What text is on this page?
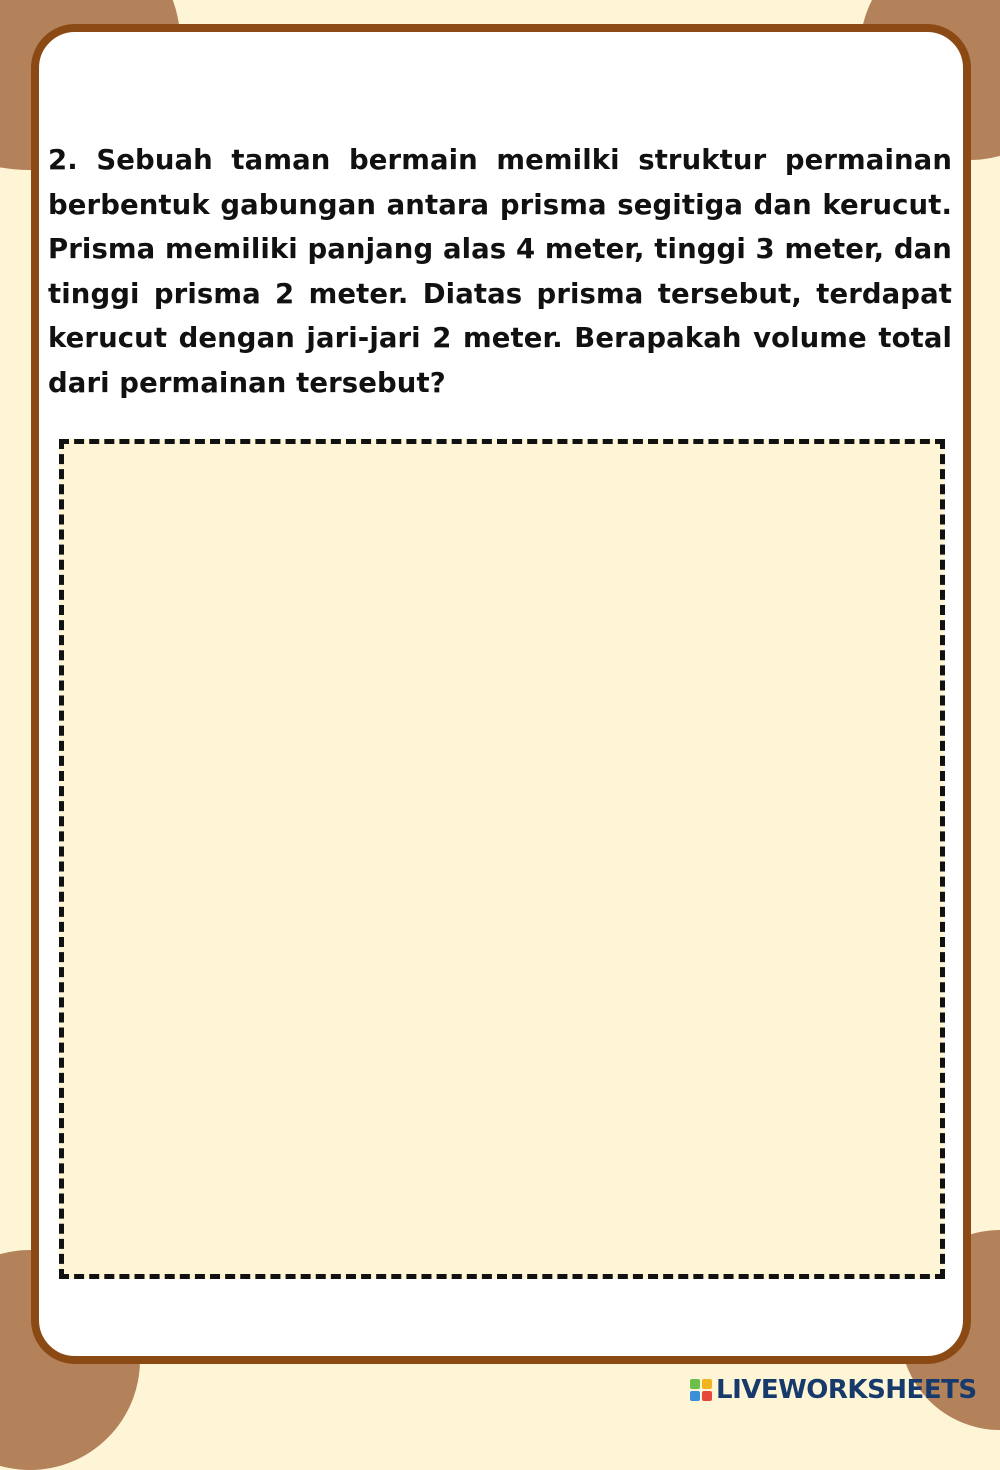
2. Sebuah taman bermain memilki struktur permainan berbentuk gabungan antara prisma segitiga dan kerucut. Prisma memiliki panjang alas 4 meter, tinggi 3 meter, dan tinggi prisma 2 meter. Diatas prisma tersebut, terdapat kerucut dengan jari-jari 2 meter. Berapakah volume total dari permainan tersebut?

LIVEWORKSHEETS
